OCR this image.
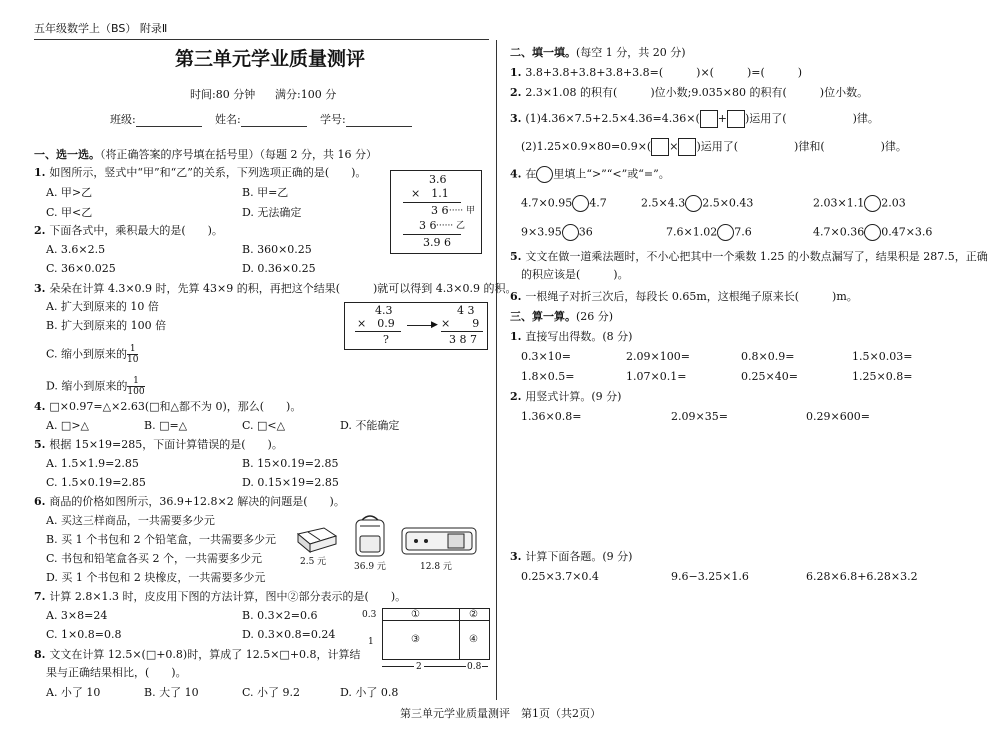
五年级数学上（BS） 附录Ⅱ
第三单元学业质量测评
时间:80 分钟 满分:100 分
班级:	姓名:	学号:
一、选一选。（将正确答案的序号填在括号里）（每题 2 分，共 16 分）
1. 如图所示，竖式中“甲”和“乙”的关系，下列选项正确的是(　　)。
A. 甲>乙	B. 甲=乙
C. 甲<乙	D. 无法确定
3.6
×　1.1
3 6
······ 甲
3 6 ······ 乙
3.9 6
2. 下面各式中，乘积最大的是(　　)。
A. 3.6×2.5	B. 360×0.25
C. 36×0.025	D. 0.36×0.25
3. 朵朵在计算 4.3×0.9 时，先算 43×9 的积，再把这个结果(　　　)就可以得到 4.3×0.9 的积。
A. 扩大到原来的 10 倍
B. 扩大到原来的 100 倍
C. 缩小到原来的 $\frac{1}{10}$
D. 缩小到原来的 $\frac{1}{100}$
4.3
×　0.9
?
▶
4 3
×　　9
3 8 7
4. □×0.97=△×2.63(□和△都不为 0)，那么(　　)。
A. □>△	B. □=△	C. □<△	D. 不能确定
5. 根据 15×19=285，下面计算错误的是(　　)。
A. 1.5×1.9=2.85	B. 15×0.19=2.85
C. 1.5×0.19=2.85	D. 0.15×19=2.85
6. 商品的价格如图所示，36.9+12.8×2 解决的问题是(　　)。
A. 买这三样商品，一共需要多少元
B. 买 1 个书包和 2 个铅笔盒，一共需要多少元
C. 书包和铅笔盒各买 2 个，一共需要多少元
D. 买 1 个书包和 2 块橡皮，一共需要多少元
2.5 元	36.9 元	12.8 元
7. 计算 2.8×1.3 时，皮皮用下图的方法计算，图中②部分表示的是(　　)。
A. 3×8=24	B. 0.3×2=0.6
C. 1×0.8=0.8	D. 0.3×0.8=0.24
0.3
1
①	②
③	④
2	0.8
8. 文文在计算 12.5×(□+0.8)时，算成了 12.5×□+0.8，计算结
果与正确结果相比，(　　)。
A. 小了 10	B. 大了 10	C. 小了 9.2	D. 小了 0.8
二、填一填。(每空 1 分，共 20 分)
1. 3.8+3.8+3.8+3.8+3.8=(　　　)×(　　　)=(　　　)
2. 2.3×1.08 的积有(　　　)位小数;9.035×80 的积有(　　　)位小数。
3. (1)4.36×7.5+2.5×4.36=4.36×( + )运用了(	)律。
(2)1.25×0.9×80=0.9×( × )运用了(	)律和(	)律。
4. 在 里填上“>”“<”或“=”。
4.7×0.95 4.7	2.5×4.3 2.5×0.43	2.03×1.1 2.03
9×3.95 36	7.6×1.02 7.6	4.7×0.36 0.47×3.6
5. 文文在做一道乘法题时，不小心把其中一个乘数 1.25 的小数点漏写了，结果积是 287.5，正确
的积应该是(　　　)。
6. 一根绳子对折三次后，每段长 0.65m，这根绳子原来长(　　　)m。
三、算一算。(26 分)
1. 直接写出得数。(8 分)
0.3×10=	2.09×100=	0.8×0.9=	1.5×0.03=
1.8×0.5=	1.07×0.1=	0.25×40=	1.25×0.8=
2. 用竖式计算。(9 分)
1.36×0.8=	2.09×35=	0.29×600=
3. 计算下面各题。(9 分)
0.25×3.7×0.4	9.6−3.25×1.6	6.28×6.8+6.28×3.2
第三单元学业质量测评　第1页（共2页）
